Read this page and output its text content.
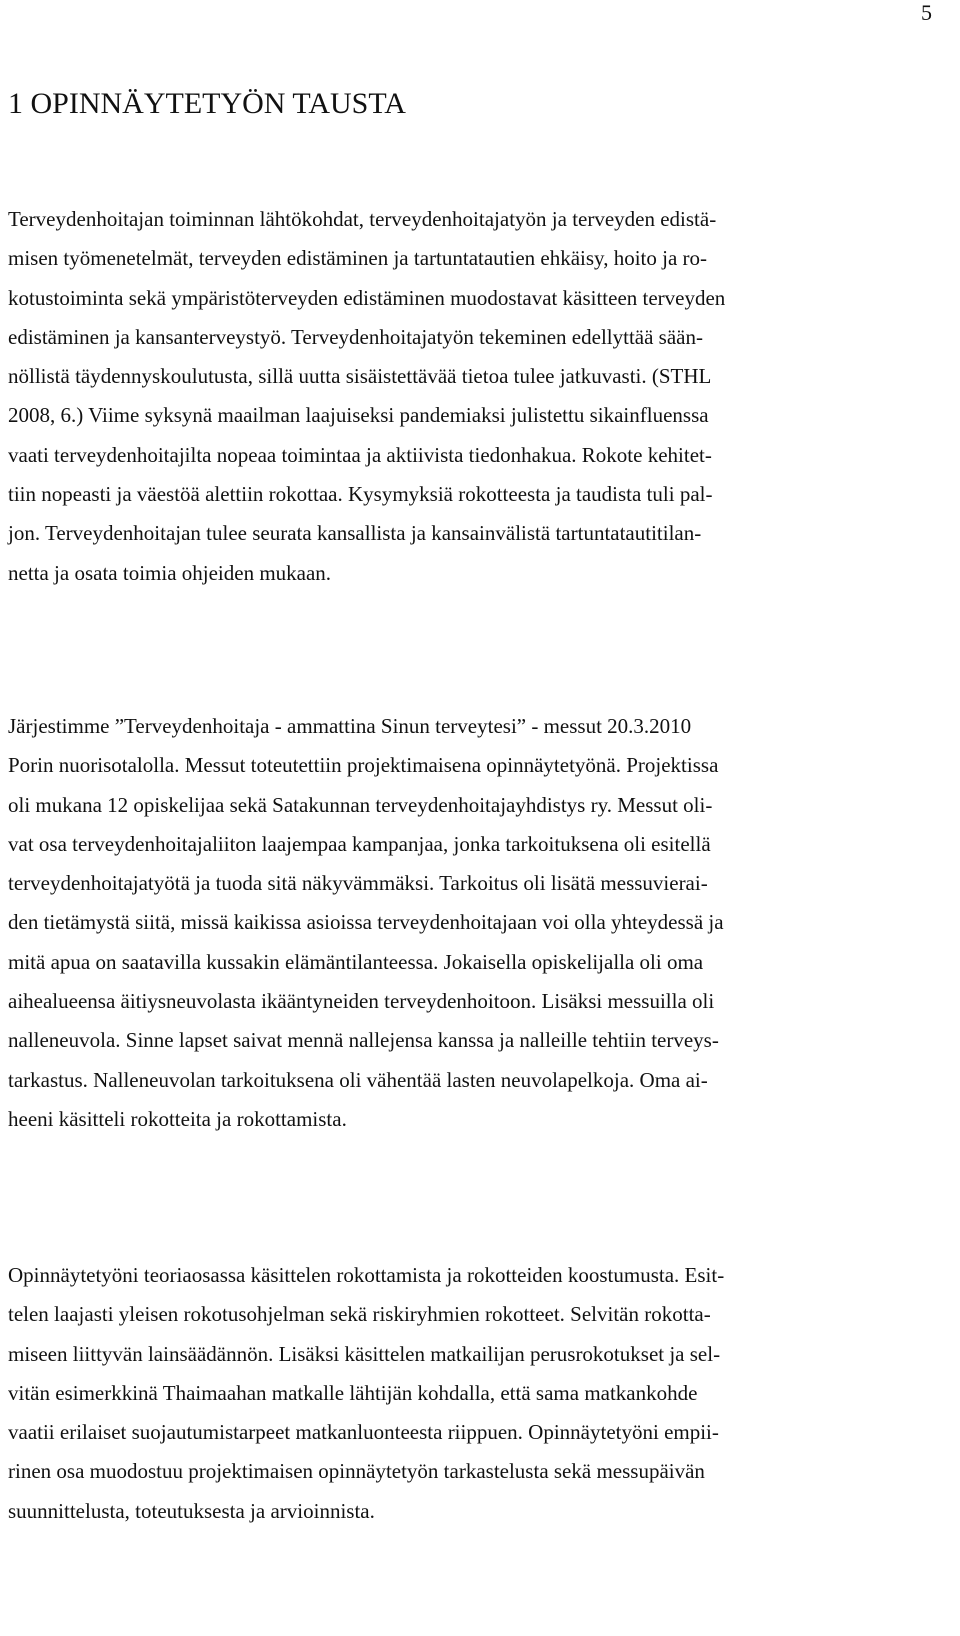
5
1 OPINNÄYTETYÖN TAUSTA
Terveydenhoitajan toiminnan lähtökohdat, terveydenhoitajatyön ja terveyden edistä-
misen työmenetelmät, terveyden edistäminen ja tartuntatautien ehkäisy, hoito ja ro-
kotustoiminta sekä ympäristöterveyden edistäminen muodostavat käsitteen terveyden
edistäminen ja kansanterveystyö. Terveydenhoitajatyön tekeminen edellyttää sään-
nöllistä täydennyskoulutusta, sillä uutta sisäistettävää tietoa tulee jatkuvasti. (STHL
2008, 6.) Viime syksynä maailman laajuiseksi pandemiaksi julistettu sikainfluenssa
vaati terveydenhoitajilta nopeaa toimintaa ja aktiivista tiedonhakua. Rokote kehitet-
tiin nopeasti ja väestöä alettiin rokottaa. Kysymyksiä rokotteesta ja taudista tuli pal-
jon. Terveydenhoitajan tulee seurata kansallista ja kansainvälistä tartuntatautitilan-
netta ja osata toimia ohjeiden mukaan.
Järjestimme ”Terveydenhoitaja - ammattina Sinun terveytesi” - messut 20.3.2010
Porin nuorisotalolla. Messut toteutettiin projektimaisena opinnäytetyönä. Projektissa
oli mukana 12 opiskelijaa sekä Satakunnan terveydenhoitajayhdistys ry. Messut oli-
vat osa terveydenhoitajaliiton laajempaa kampanjaa, jonka tarkoituksena oli esitellä
terveydenhoitajatyötä ja tuoda sitä näkyvämmäksi. Tarkoitus oli lisätä messuvierai-
den tietämystä siitä, missä kaikissa asioissa terveydenhoitajaan voi olla yhteydessä ja
mitä apua on saatavilla kussakin elämäntilanteessa. Jokaisella opiskelijalla oli oma
aihealueensa äitiysneuvolasta ikääntyneiden terveydenhoitoon. Lisäksi messuilla oli
nalleneuvola. Sinne lapset saivat mennä nallejensa kanssa ja nalleille tehtiin terveys-
tarkastus. Nalleneuvolan tarkoituksena oli vähentää lasten neuvolapelkoja. Oma ai-
heeni käsitteli rokotteita ja rokottamista.
Opinnäytetyöni teoriaosassa käsittelen rokottamista ja rokotteiden koostumusta. Esit-
telen laajasti yleisen rokotusohjelman sekä riskiryhmien rokotteet. Selvitän rokotta-
miseen liittyvän lainsäädännön. Lisäksi käsittelen matkailijan perusrokotukset ja sel-
vitän esimerkkinä Thaimaahan matkalle lähtijän kohdalla, että sama matkankohde
vaatii erilaiset suojautumistarpeet matkanluonteesta riippuen. Opinnäytetyöni empii-
rinen osa muodostuu projektimaisen opinnäytetyön tarkastelusta sekä messupäivän
suunnittelusta, toteutuksesta ja arvioinnista.
